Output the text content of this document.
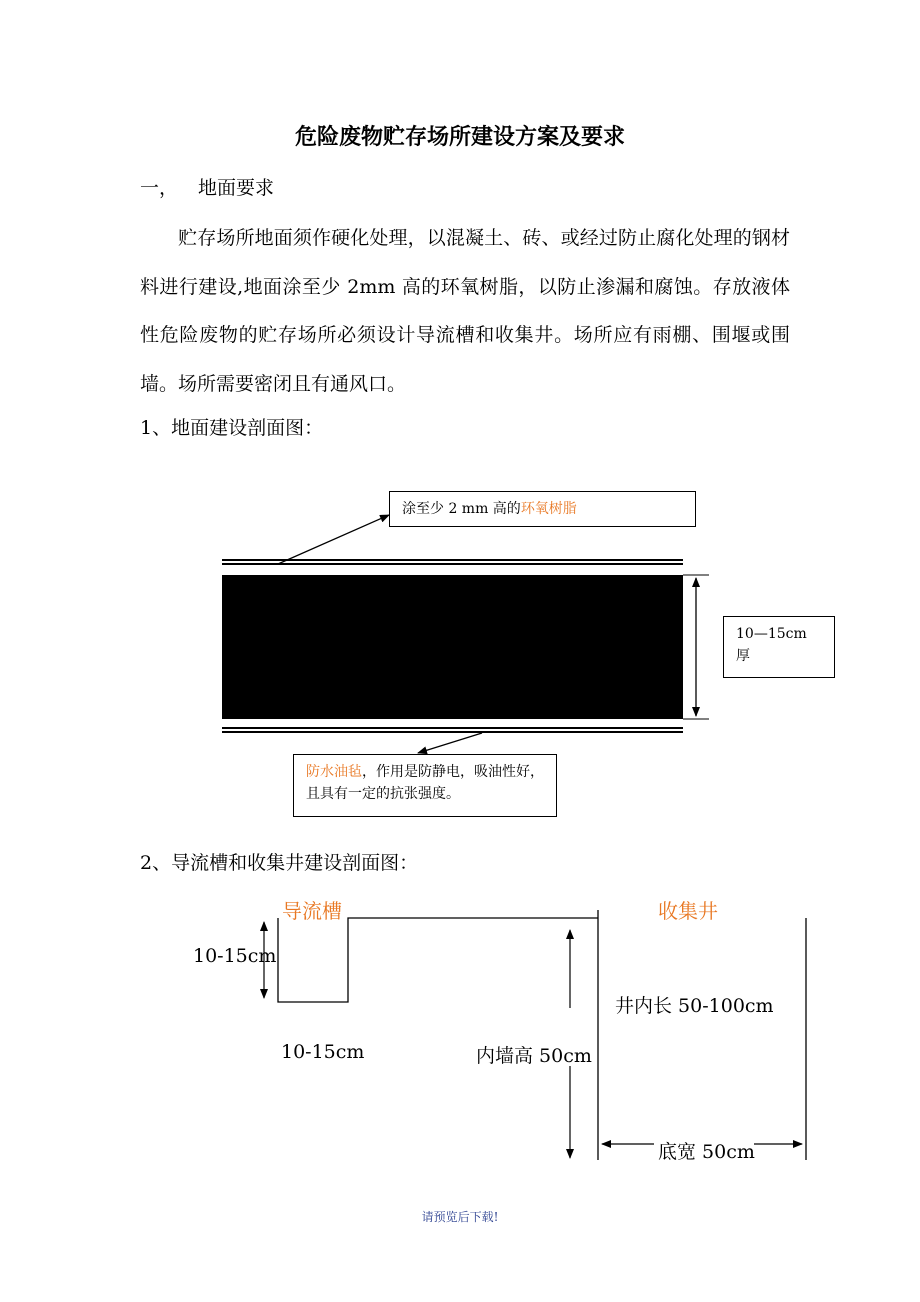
危险废物贮存场所建设方案及要求
一， 地面要求
贮存场所地面须作硬化处理，以混凝土、砖、或经过防止腐化处理的钢材料进行建设,地面涂至少 2mm 高的环氧树脂，以防止渗漏和腐蚀。存放液体性危险废物的贮存场所必须设计导流槽和收集井。场所应有雨棚、围堰或围墙。场所需要密闭且有通风口。
1、地面建设剖面图：
涂至少 2 mm 高的环氧树脂
10—15cm
厚
防水油毡，作用是防静电，吸油性好，且具有一定的抗张强度。
2、导流槽和收集井建设剖面图：
导流槽	收集井
10-15cm
10-15cm	内墙高 50cm
井内长 50-100cm
底宽 50cm
请预览后下载!
